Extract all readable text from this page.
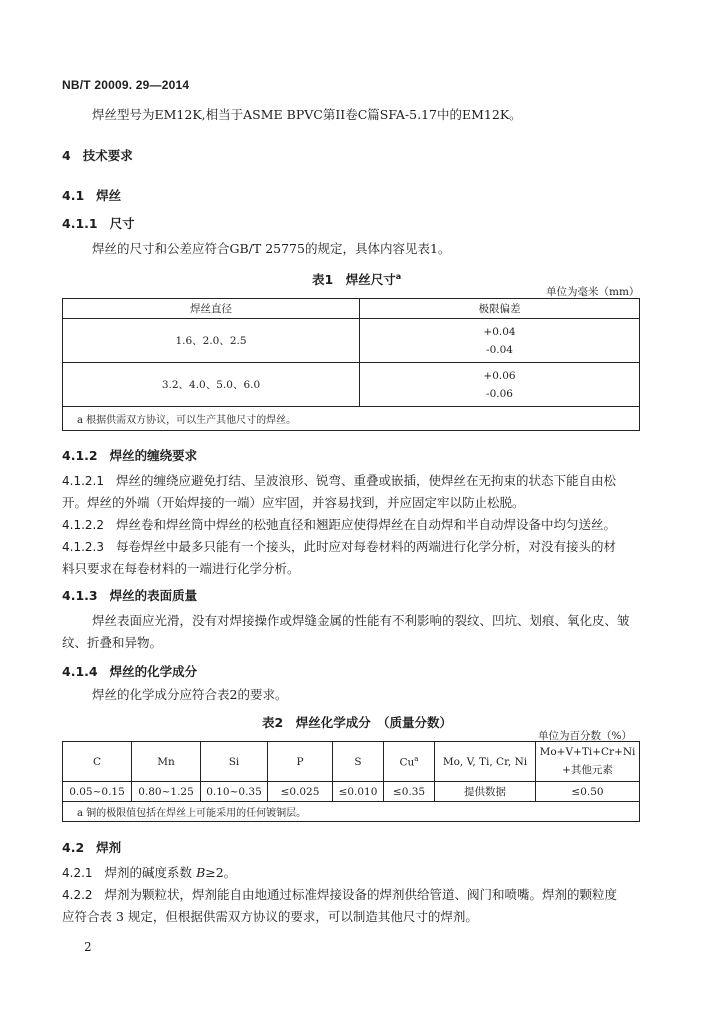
NB/T 20009. 29—2014
焊丝型号为EM12K,相当于ASME BPVC第II卷C篇SFA-5.17中的EM12K。
4 技术要求
4.1 焊丝
4.1.1 尺寸
焊丝的尺寸和公差应符合GB/T 25775的规定，具体内容见表1。
表1　焊丝尺寸$^a$
单位为毫米（mm）
焊丝直径	极限偏差
1.6、2.0、2.5	+0.04
-0.04

3.2、4.0、5.0、6.0	+0.06
-0.06

a 根据供需双方协议，可以生产其他尺寸的焊丝。	
4.1.2 焊丝的缠绕要求
4.1.2.1 焊丝的缠绕应避免打结、呈波浪形、锐弯、重叠或嵌插，使焊丝在无拘束的状态下能自由松
开。焊丝的外端（开始焊接的一端）应牢固，并容易找到，并应固定牢以防止松脱。
4.1.2.2 焊丝卷和焊丝筒中焊丝的松弛直径和翘距应使得焊丝在自动焊和半自动焊设备中均匀送丝。
4.1.2.3 每卷焊丝中最多只能有一个接头，此时应对每卷材料的两端进行化学分析，对没有接头的材
料只要求在每卷材料的一端进行化学分析。
4.1.3 焊丝的表面质量
焊丝表面应光滑，没有对焊接操作或焊缝金属的性能有不利影响的裂纹、凹坑、划痕、氧化皮、皱
纹、折叠和异物。
4.1.4 焊丝的化学成分
焊丝的化学成分应符合表2的要求。
表2　焊丝化学成分　（质量分数）
单位为百分数（%）
C	Mn	Si	P	S	Cu$^a$	Mo, V, Ti, Cr, Ni	Mo+V+Ti+Cr+Ni
+其他元素

0.05~0.15	0.80~1.25	0.10~0.35	≤0.025	≤0.010	≤0.35	提供数据	≤0.50
a 铜的极限值包括在焊丝上可能采用的任何镀铜层。							
4.2 焊剂
4.2.1 焊剂的碱度系数 B≥2。
4.2.2 焊剂为颗粒状，焊剂能自由地通过标准焊接设备的焊剂供给管道、阀门和喷嘴。焊剂的颗粒度
应符合表 3 规定，但根据供需双方协议的要求，可以制造其他尺寸的焊剂。
2
